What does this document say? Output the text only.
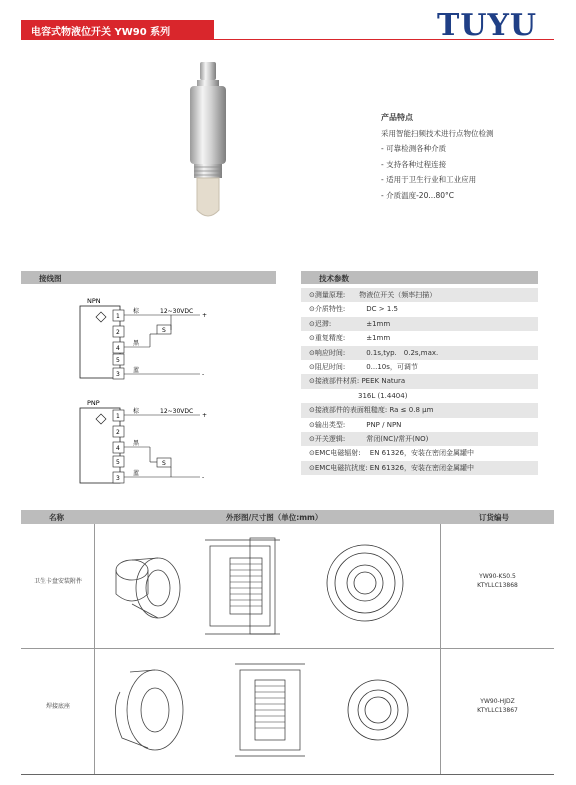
电容式物液位开关 YW90 系列	TUYU
产品特点
采用智能扫频技术进行点物位检测
- 可靠检测各种介质
- 支持各种过程连接
- 适用于卫生行业和工业应用
- 介质温度-20...80°C
接线图
NPN
1
2
4
5
3
棕	12~30VDC
+
-
S
黑
蓝
PNP
1
2
4
5
3
棕	12~30VDC
+
-
S
黑
蓝
技术参数
⊙测量原理:　　物液位开关（频率扫描）
⊙介质特性:　　　DC > 1.5
⊙迟滞:　　　　　±1mm
⊙重复精度:　　　±1mm
⊙响应时间:　　　0.1s,typ.　0.2s,max.
⊙阻尼时间:　　　0...10s，可调节
⊙接液部件材质: PEEK Natura
　　　　　　　316L (1.4404)
⊙接液部件的表面粗糙度: Ra ≤ 0.8 μm
⊙输出类型:　　　PNP / NPN
⊙开关逻辑:　　　常闭(NC)/常开(NO)
⊙EMC电磁辐射:　 EN 61326，安装在密闭金属罐中
⊙EMC电磁抗扰度: EN 61326，安装在密闭金属罐中
名称	外形图/尺寸图（单位:mm）	订货编号
卫生卡盘安装附件
YW90-KS0.5
KTYLLC13868
焊接底座
YW90-HJDZ
KTYLLC13867
